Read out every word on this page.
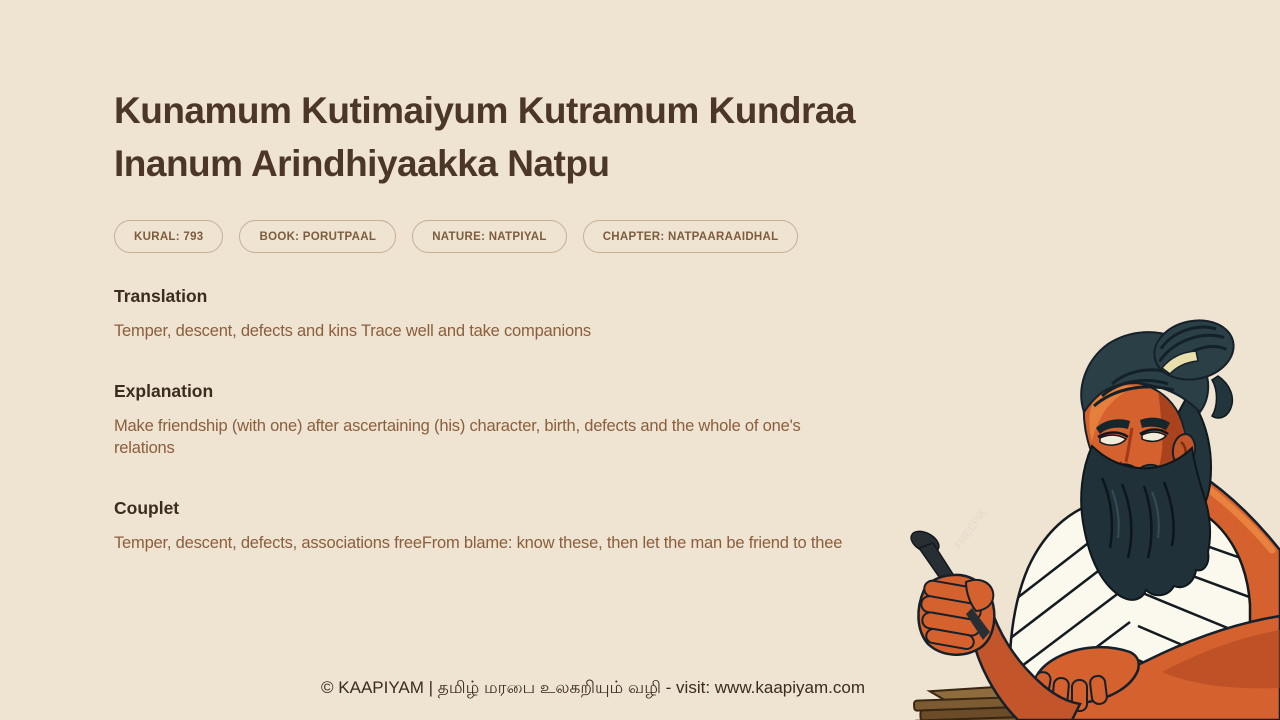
Kunamum Kutimaiyum Kutramum Kundraa Inanum Arindhiyaakka Natpu
KURAL: 793	BOOK: PORUTPAAL	NATURE: NATPIYAL	CHAPTER: NATPAARAAIDHAL
Translation

Temper, descent, defects and kins Trace well and take companions

Explanation

Make friendship (with one) after ascertaining (his) character, birth, defects and the whole of one's relations

Couplet

Temper, descent, defects, associations freeFrom blame: know these, then let the man be friend to thee

© KAAPIYAM | தமிழ் மரபை உலகறியும் வழி - visit: www.kaapiyam.com
FREEPIK
